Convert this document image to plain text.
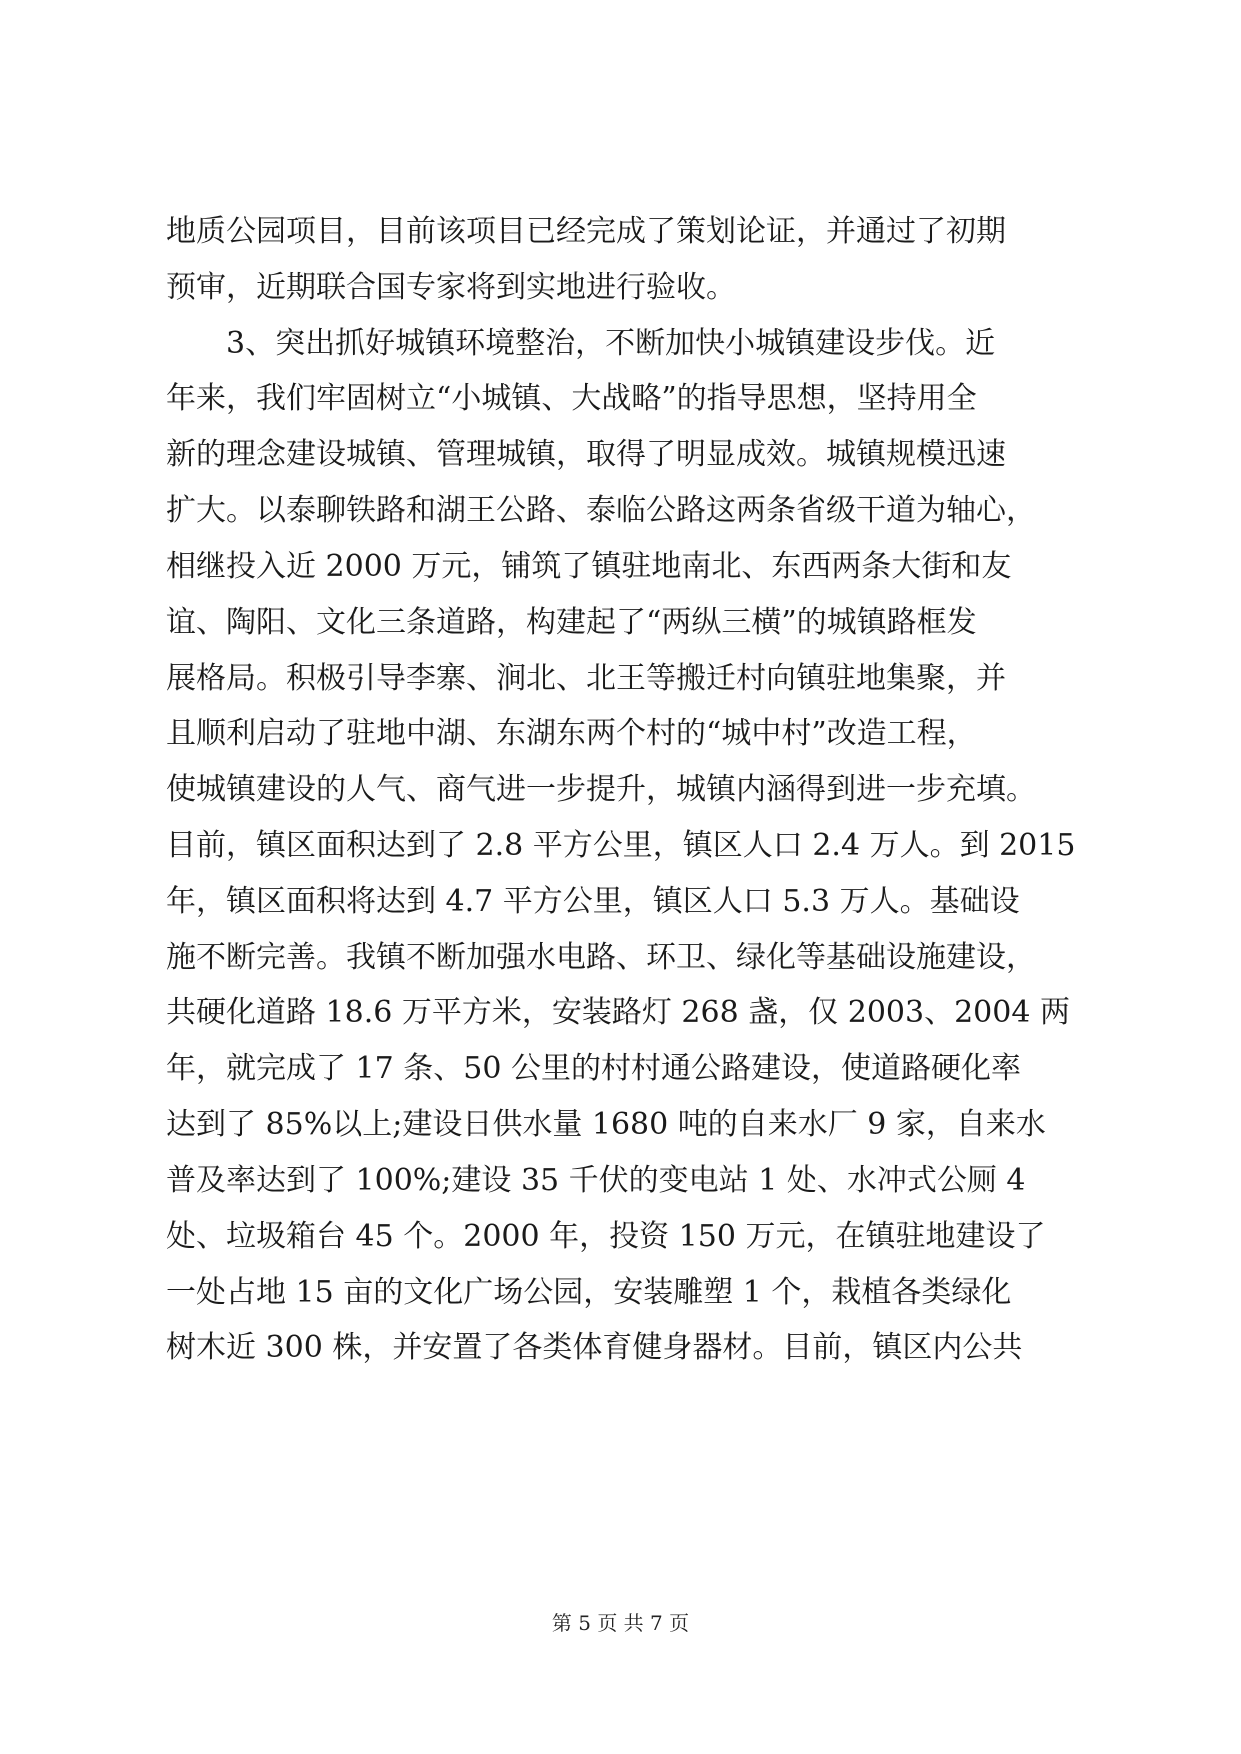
地质公园项目，目前该项目已经完成了策划论证，并通过了初期
预审，近期联合国专家将到实地进行验收。
　　3、突出抓好城镇环境整治，不断加快小城镇建设步伐。近
年来，我们牢固树立“小城镇、大战略”的指导思想，坚持用全
新的理念建设城镇、管理城镇，取得了明显成效。城镇规模迅速
扩大。以泰聊铁路和湖王公路、泰临公路这两条省级干道为轴心，
相继投入近 2000 万元，铺筑了镇驻地南北、东西两条大街和友
谊、陶阳、文化三条道路，构建起了“两纵三横”的城镇路框发
展格局。积极引导李寨、涧北、北王等搬迁村向镇驻地集聚，并
且顺利启动了驻地中湖、东湖东两个村的“城中村”改造工程，
使城镇建设的人气、商气进一步提升，城镇内涵得到进一步充填。
目前，镇区面积达到了 2.8 平方公里，镇区人口 2.4 万人。到 2015
年，镇区面积将达到 4.7 平方公里，镇区人口 5.3 万人。基础设
施不断完善。我镇不断加强水电路、环卫、绿化等基础设施建设，
共硬化道路 18.6 万平方米，安装路灯 268 盏，仅 2003、2004 两
年，就完成了 17 条、50 公里的村村通公路建设，使道路硬化率
达到了 85%以上;建设日供水量 1680 吨的自来水厂 9 家，自来水
普及率达到了 100%;建设 35 千伏的变电站 1 处、水冲式公厕 4
处、垃圾箱台 45 个。2000 年，投资 150 万元，在镇驻地建设了
一处占地 15 亩的文化广场公园，安装雕塑 1 个，栽植各类绿化
树木近 300 株，并安置了各类体育健身器材。目前，镇区内公共
第 5 页 共 7 页
